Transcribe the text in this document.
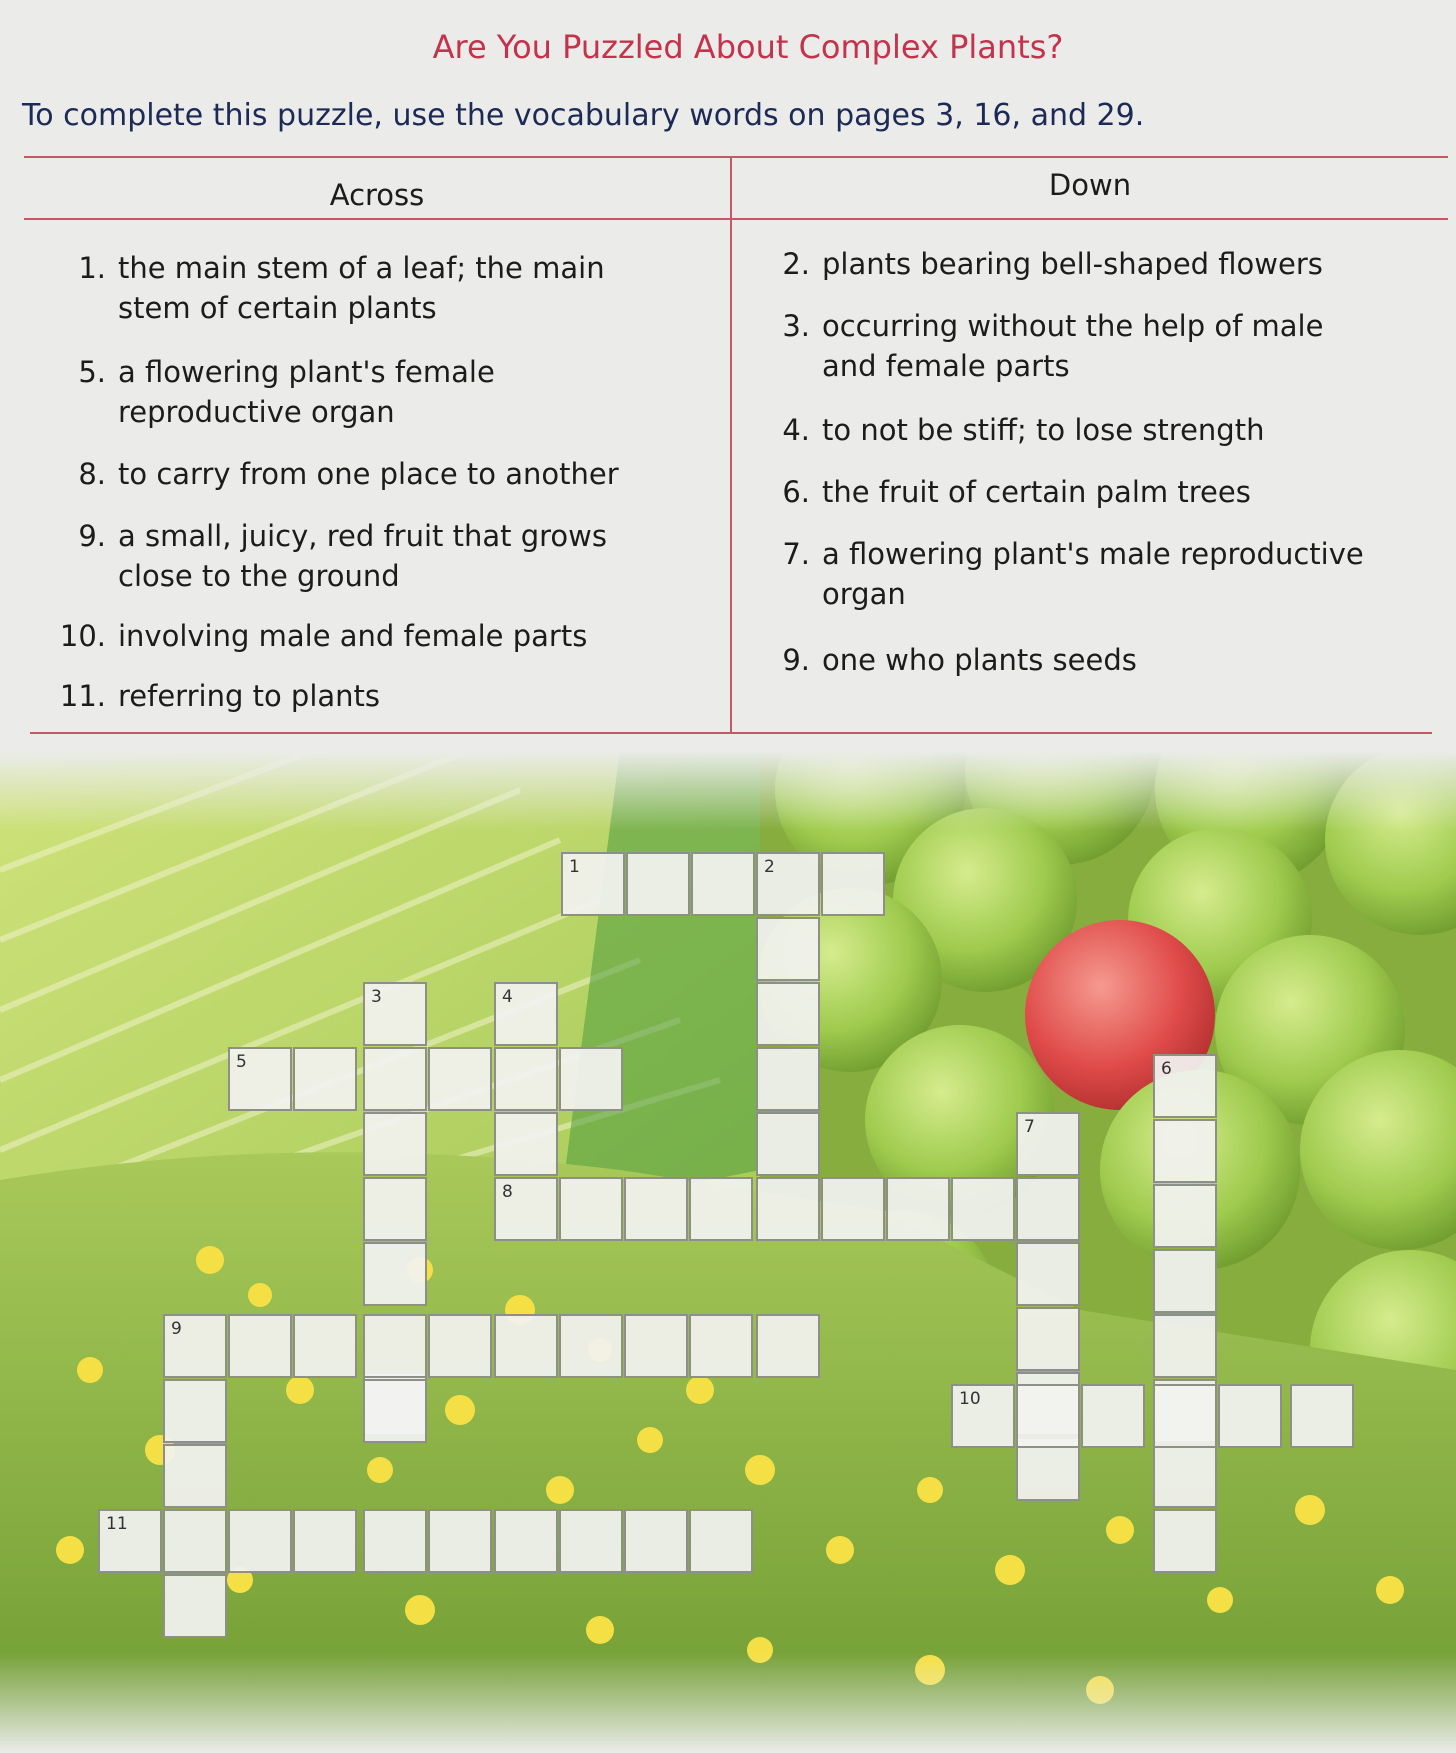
Are You Puzzled About Complex Plants?
To complete this puzzle, use the vocabulary words on pages 3, 16, and 29.
Across	Down
1. the main stem of a leaf; the main stem of certain plants
5. a flowering plant's female reproductive organ
8. to carry from one place to another
9. a small, juicy, red fruit that grows close to the ground
10. involving male and female parts
11. referring to plants
2. plants bearing bell-shaped flowers
3. occurring without the help of male and female parts
4. to not be stiff; to lose strength
6. the fruit of certain palm trees
7. a flowering plant's male reproductive organ
9. one who plants seeds
1	2
3	4
5
8
7
6
9
10
11
